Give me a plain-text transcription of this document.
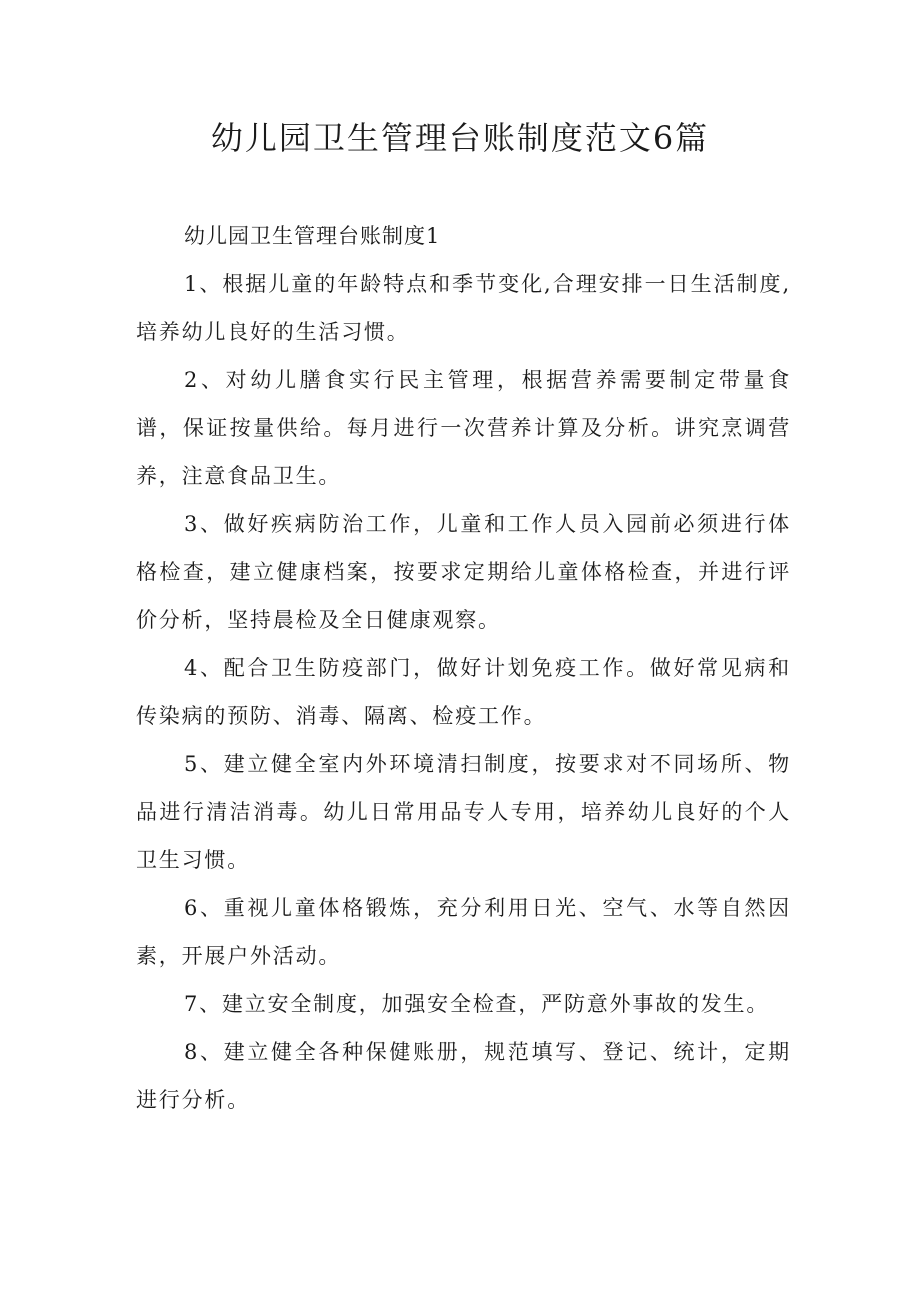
幼儿园卫生管理台账制度范文6篇
幼儿园卫生管理台账制度1

1、根据儿童的年龄特点和季节变化,合理安排一日生活制度,培养幼儿良好的生活习惯。

2、对幼儿膳食实行民主管理，根据营养需要制定带量食谱，保证按量供给。每月进行一次营养计算及分析。讲究烹调营养，注意食品卫生。

3、做好疾病防治工作，儿童和工作人员入园前必须进行体格检查，建立健康档案，按要求定期给儿童体格检查，并进行评价分析，坚持晨检及全日健康观察。

4、配合卫生防疫部门，做好计划免疫工作。做好常见病和传染病的预防、消毒、隔离、检疫工作。

5、建立健全室内外环境清扫制度，按要求对不同场所、物品进行清洁消毒。幼儿日常用品专人专用，培养幼儿良好的个人卫生习惯。

6、重视儿童体格锻炼，充分利用日光、空气、水等自然因素，开展户外活动。

7、建立安全制度，加强安全检查，严防意外事故的发生。

8、建立健全各种保健账册，规范填写、登记、统计，定期进行分析。
